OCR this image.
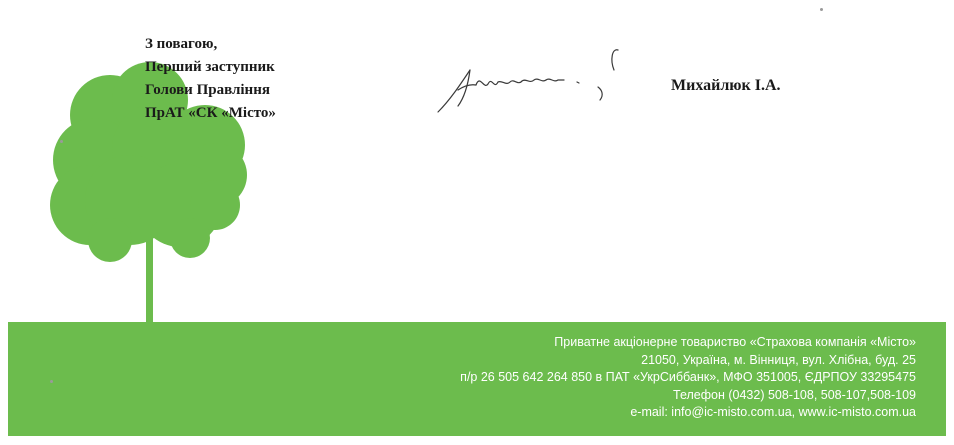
З повагою,
Перший заступник
Голови Правління
ПрАТ «СК «Місто»
Михайлюк І.А.
Приватне акціонерне товариство «Страхова компанія «Місто»
21050, Україна, м. Вінниця, вул. Хлібна, буд. 25
п/р 26 505 642 264 850 в ПАТ «УкрСиббанк», МФО 351005, ЄДРПОУ 33295475
Телефон (0432) 508-108, 508-107,508-109
e-mail: info@ic-misto.com.ua, www.ic-misto.com.ua
